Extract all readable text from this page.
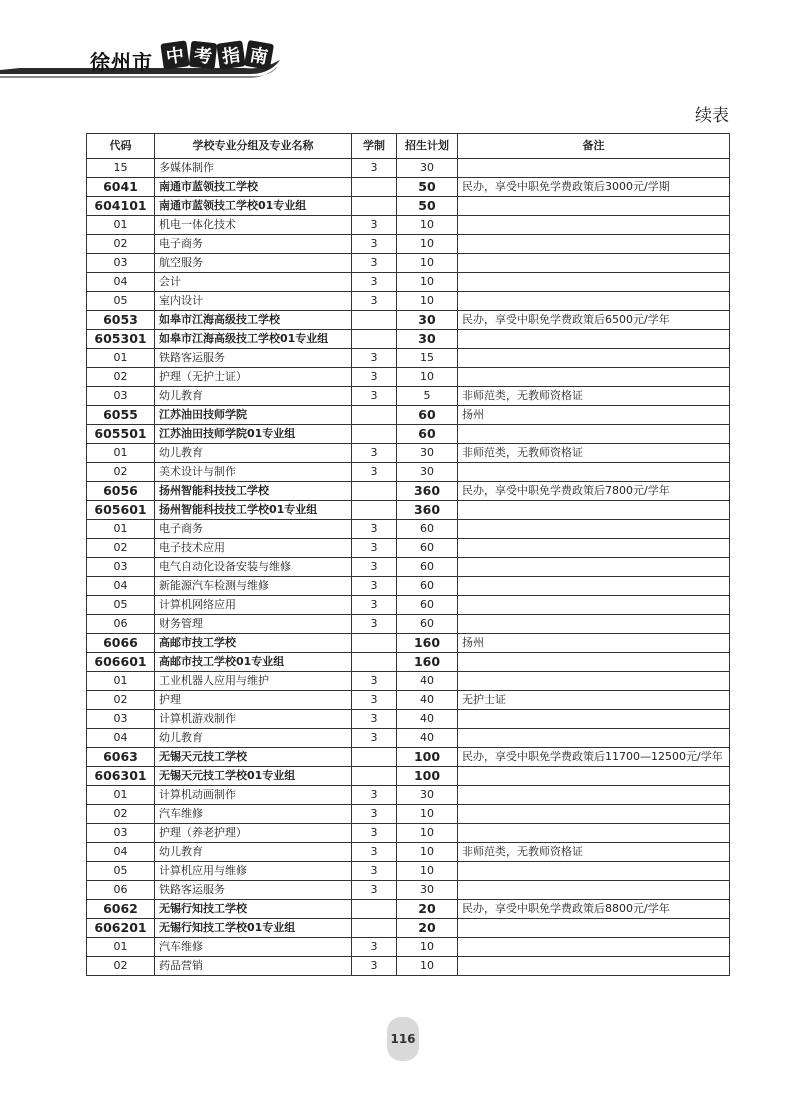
徐州市 中 考 指 南
续表
代码	学校专业分组及专业名称	学制	招生计划	备注
15	多媒体制作	3	30	
6041	南通市蓝领技工学校		50	民办，享受中职免学费政策后3000元/学期
604101	南通市蓝领技工学校01专业组		50	
01	机电一体化技术	3	10	
02	电子商务	3	10	
03	航空服务	3	10	
04	会计	3	10	
05	室内设计	3	10	
6053	如皋市江海高级技工学校		30	民办，享受中职免学费政策后6500元/学年
605301	如皋市江海高级技工学校01专业组		30	
01	铁路客运服务	3	15	
02	护理（无护士证）	3	10	
03	幼儿教育	3	5	非师范类，无教师资格证
6055	江苏油田技师学院		60	扬州
605501	江苏油田技师学院01专业组		60	
01	幼儿教育	3	30	非师范类，无教师资格证
02	美术设计与制作	3	30	
6056	扬州智能科技技工学校		360	民办，享受中职免学费政策后7800元/学年
605601	扬州智能科技技工学校01专业组		360	
01	电子商务	3	60	
02	电子技术应用	3	60	
03	电气自动化设备安装与维修	3	60	
04	新能源汽车检测与维修	3	60	
05	计算机网络应用	3	60	
06	财务管理	3	60	
6066	高邮市技工学校		160	扬州
606601	高邮市技工学校01专业组		160	
01	工业机器人应用与维护	3	40	
02	护理	3	40	无护士证
03	计算机游戏制作	3	40	
04	幼儿教育	3	40	
6063	无锡天元技工学校		100	民办，享受中职免学费政策后11700—12500元/学年
606301	无锡天元技工学校01专业组		100	
01	计算机动画制作	3	30	
02	汽车维修	3	10	
03	护理（养老护理）	3	10	
04	幼儿教育	3	10	非师范类，无教师资格证
05	计算机应用与维修	3	10	
06	铁路客运服务	3	30	
6062	无锡行知技工学校		20	民办，享受中职免学费政策后8800元/学年
606201	无锡行知技工学校01专业组		20	
01	汽车维修	3	10	
02	药品营销	3	10	
116
